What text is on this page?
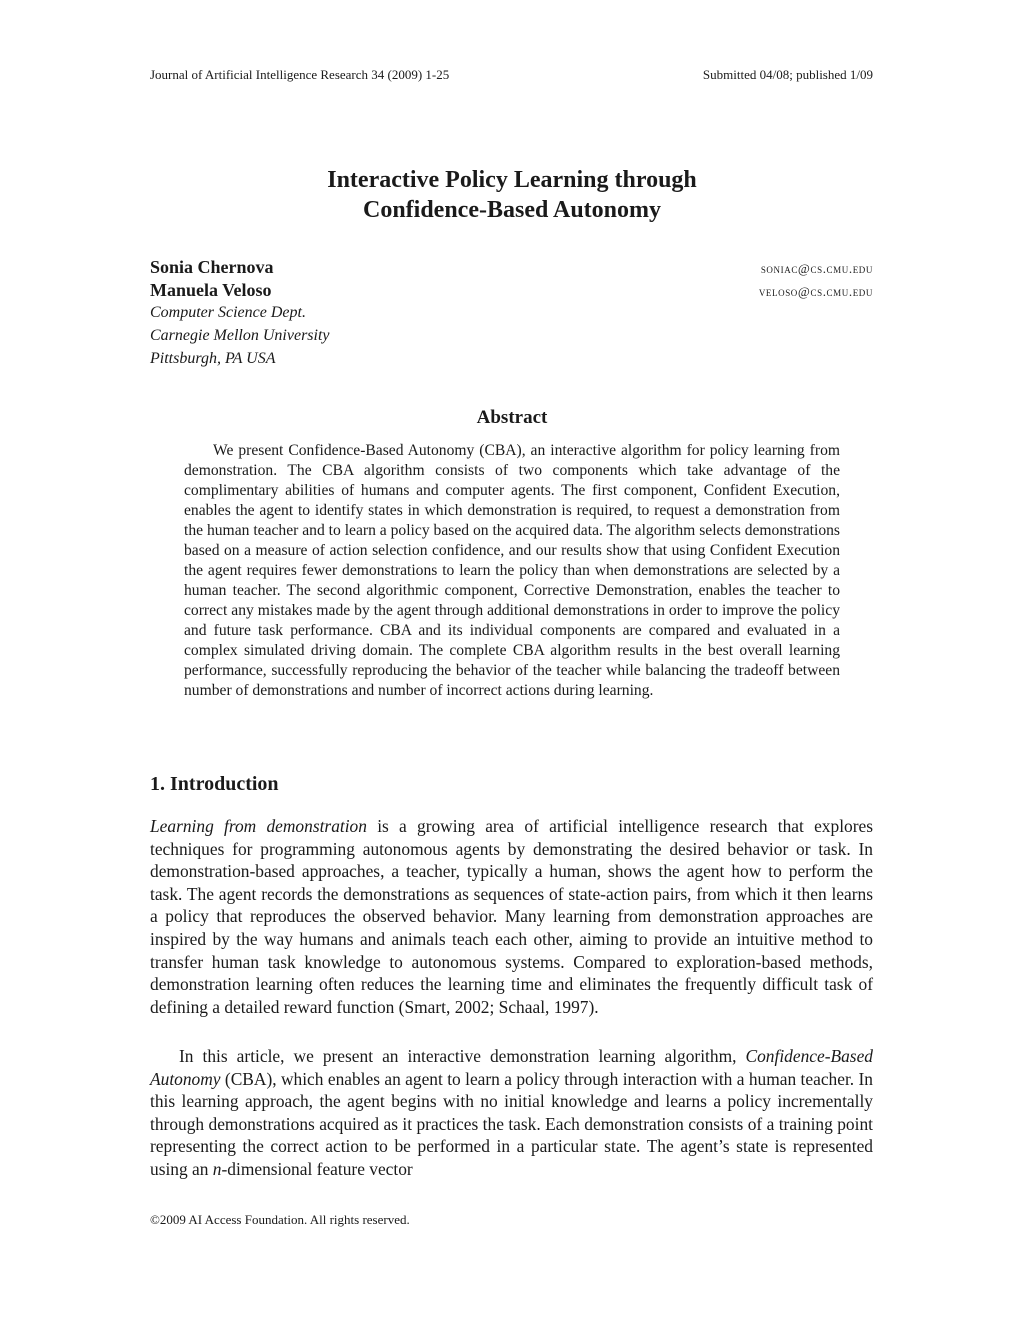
Journal of Artificial Intelligence Research 34 (2009) 1-25	Submitted 04/08; published 1/09
Interactive Policy Learning through
Confidence-Based Autonomy
Sonia Chernova	soniac@cs.cmu.edu
Manuela Veloso	veloso@cs.cmu.edu
Computer Science Dept.
Carnegie Mellon University
Pittsburgh, PA USA
Abstract

We present Confidence-Based Autonomy (CBA), an interactive algorithm for policy learning from demonstration. The CBA algorithm consists of two components which take advantage of the complimentary abilities of humans and computer agents. The first component, Confident Execution, enables the agent to identify states in which demonstration is required, to request a demonstration from the human teacher and to learn a policy based on the acquired data. The algorithm selects demonstrations based on a measure of action selection confidence, and our results show that using Confident Execution the agent requires fewer demonstrations to learn the policy than when demonstrations are selected by a human teacher. The second algorithmic component, Corrective Demonstration, enables the teacher to correct any mistakes made by the agent through additional demonstrations in order to improve the policy and future task performance. CBA and its individual components are compared and evaluated in a complex simulated driving domain. The complete CBA algorithm results in the best overall learning performance, successfully reproducing the behavior of the teacher while balancing the tradeoff between number of demonstrations and number of incorrect actions during learning.

1. Introduction

Learning from demonstration is a growing area of artificial intelligence research that explores techniques for programming autonomous agents by demonstrating the desired behavior or task. In demonstration-based approaches, a teacher, typically a human, shows the agent how to perform the task. The agent records the demonstrations as sequences of state-action pairs, from which it then learns a policy that reproduces the observed behavior. Many learning from demonstration approaches are inspired by the way humans and animals teach each other, aiming to provide an intuitive method to transfer human task knowledge to autonomous systems. Compared to exploration-based methods, demonstration learning often reduces the learning time and eliminates the frequently difficult task of defining a detailed reward function (Smart, 2002; Schaal, 1997).

In this article, we present an interactive demonstration learning algorithm, Confidence-Based Autonomy (CBA), which enables an agent to learn a policy through interaction with a human teacher. In this learning approach, the agent begins with no initial knowledge and learns a policy incrementally through demonstrations acquired as it practices the task. Each demonstration consists of a training point representing the correct action to be performed in a particular state. The agent’s state is represented using an n-dimensional feature vector

©2009 AI Access Foundation. All rights reserved.
